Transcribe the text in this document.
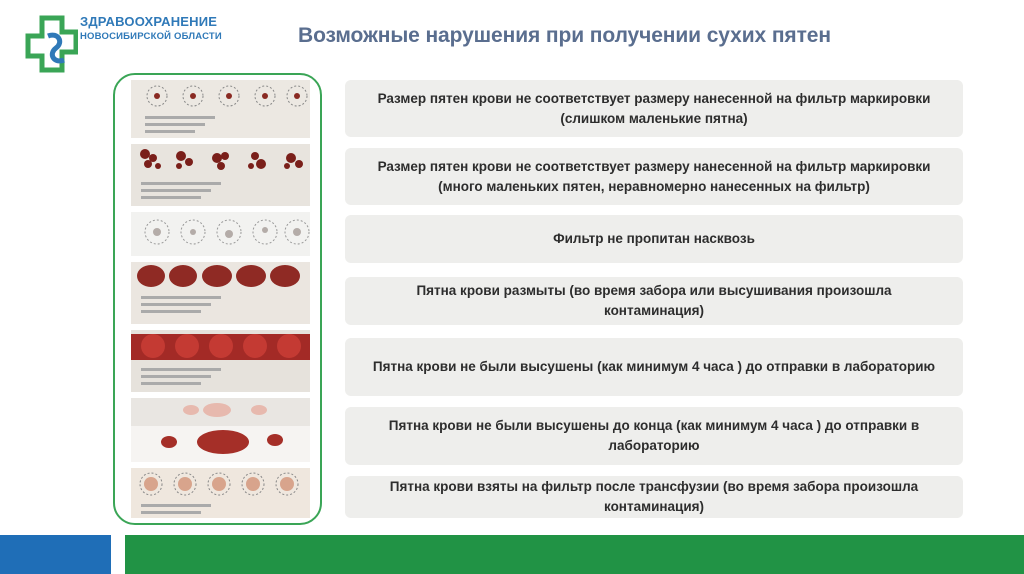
ЗДРАВООХРАНЕНИЕ
НОВОСИБИРСКОЙ ОБЛАСТИ	Возможные нарушения при получении сухих пятен
Размер пятен крови не соответствует размеру нанесенной на фильтр маркировки (слишком маленькие пятна)
Размер пятен крови не соответствует размеру нанесенной на фильтр маркировки (много маленьких пятен, неравномерно нанесенных на фильтр)
Фильтр не пропитан насквозь
Пятна крови размыты (во время забора или высушивания произошла контаминация)
Пятна крови не были высушены (как минимум 4 часа ) до отправки в лабораторию
Пятна крови не были высушены до конца (как минимум 4 часа ) до отправки в лабораторию
Пятна крови взяты на фильтр после трансфузии (во время забора произошла контаминация)
